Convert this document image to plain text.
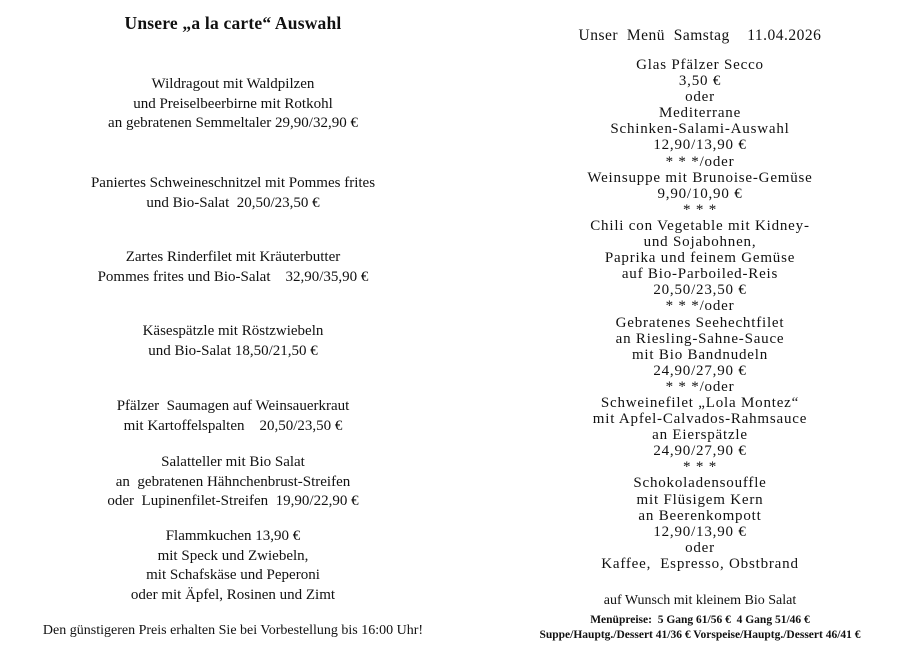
Unsere „a la carte“ Auswahl
Wildragout mit Waldpilzen
und Preiselbeerbirne mit Rotkohl
an gebratenen Semmeltaler 29,90/32,90 €
Paniertes Schweineschnitzel mit Pommes frites
und Bio-Salat  20,50/23,50 €
Zartes Rinderfilet mit Kräuterbutter
Pommes frites und Bio-Salat    32,90/35,90 €
Käsespätzle mit Röstzwiebeln
und Bio-Salat 18,50/21,50 €
Pfälzer  Saumagen auf Weinsauerkraut
mit Kartoffelspalten    20,50/23,50 €
Salatteller mit Bio Salat
an  gebratenen Hähnchenbrust-Streifen
oder  Lupinenfilet-Streifen  19,90/22,90 €
Flammkuchen 13,90 €
mit Speck und Zwiebeln,
mit Schafskäse und Peperoni
oder mit Äpfel, Rosinen und Zimt
Den günstigeren Preis erhalten Sie bei Vorbestellung bis 16:00 Uhr!
Unser  Menü  Samstag    11.04.2026
Glas Pfälzer Secco
3,50 €
oder
Mediterrane
Schinken-Salami-Auswahl
12,90/13,90 €
* * */oder
Weinsuppe mit Brunoise-Gemüse
9,90/10,90 €
* * *
Chili con Vegetable mit Kidney-
und Sojabohnen,
Paprika und feinem Gemüse
auf Bio-Parboiled-Reis
20,50/23,50 €
* * */oder
Gebratenes Seehechtfilet
an Riesling-Sahne-Sauce
mit Bio Bandnudeln
24,90/27,90 €
* * */oder
Schweinefilet „Lola Montez“
mit Apfel-Calvados-Rahmsauce
an Eierspätzle
24,90/27,90 €
* * *
Schokoladensouffle
mit Flüsigem Kern
an Beerenkompott
12,90/13,90 €
oder
Kaffee,  Espresso, Obstbrand
auf Wunsch mit kleinem Bio Salat
Menüpreise:  5 Gang 61/56 €  4 Gang 51/46 €
Suppe/Hauptg./Dessert 41/36 € Vorspeise/Hauptg./Dessert 46/41 €
